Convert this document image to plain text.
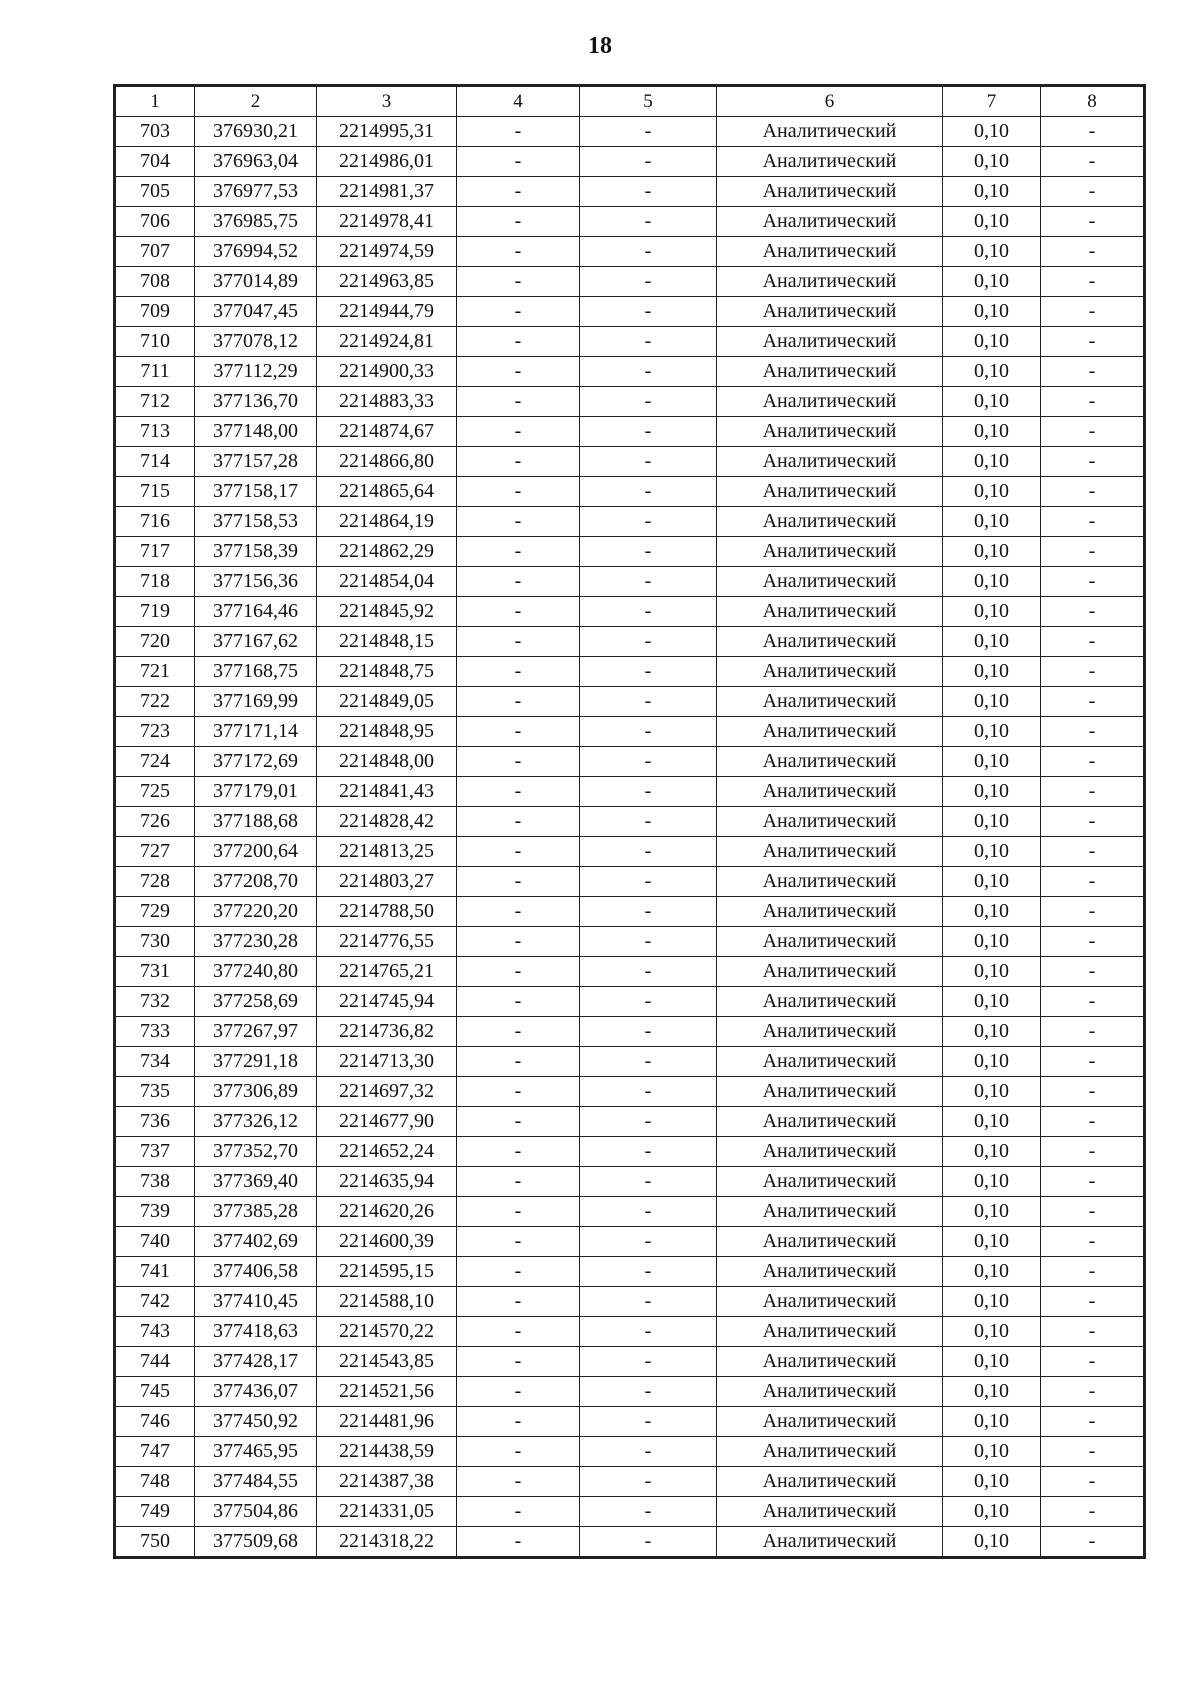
18
1	2	3	4	5	6	7	8
703	376930,21	2214995,31	-	-	Аналитический	0,10	-
704	376963,04	2214986,01	-	-	Аналитический	0,10	-
705	376977,53	2214981,37	-	-	Аналитический	0,10	-
706	376985,75	2214978,41	-	-	Аналитический	0,10	-
707	376994,52	2214974,59	-	-	Аналитический	0,10	-
708	377014,89	2214963,85	-	-	Аналитический	0,10	-
709	377047,45	2214944,79	-	-	Аналитический	0,10	-
710	377078,12	2214924,81	-	-	Аналитический	0,10	-
711	377112,29	2214900,33	-	-	Аналитический	0,10	-
712	377136,70	2214883,33	-	-	Аналитический	0,10	-
713	377148,00	2214874,67	-	-	Аналитический	0,10	-
714	377157,28	2214866,80	-	-	Аналитический	0,10	-
715	377158,17	2214865,64	-	-	Аналитический	0,10	-
716	377158,53	2214864,19	-	-	Аналитический	0,10	-
717	377158,39	2214862,29	-	-	Аналитический	0,10	-
718	377156,36	2214854,04	-	-	Аналитический	0,10	-
719	377164,46	2214845,92	-	-	Аналитический	0,10	-
720	377167,62	2214848,15	-	-	Аналитический	0,10	-
721	377168,75	2214848,75	-	-	Аналитический	0,10	-
722	377169,99	2214849,05	-	-	Аналитический	0,10	-
723	377171,14	2214848,95	-	-	Аналитический	0,10	-
724	377172,69	2214848,00	-	-	Аналитический	0,10	-
725	377179,01	2214841,43	-	-	Аналитический	0,10	-
726	377188,68	2214828,42	-	-	Аналитический	0,10	-
727	377200,64	2214813,25	-	-	Аналитический	0,10	-
728	377208,70	2214803,27	-	-	Аналитический	0,10	-
729	377220,20	2214788,50	-	-	Аналитический	0,10	-
730	377230,28	2214776,55	-	-	Аналитический	0,10	-
731	377240,80	2214765,21	-	-	Аналитический	0,10	-
732	377258,69	2214745,94	-	-	Аналитический	0,10	-
733	377267,97	2214736,82	-	-	Аналитический	0,10	-
734	377291,18	2214713,30	-	-	Аналитический	0,10	-
735	377306,89	2214697,32	-	-	Аналитический	0,10	-
736	377326,12	2214677,90	-	-	Аналитический	0,10	-
737	377352,70	2214652,24	-	-	Аналитический	0,10	-
738	377369,40	2214635,94	-	-	Аналитический	0,10	-
739	377385,28	2214620,26	-	-	Аналитический	0,10	-
740	377402,69	2214600,39	-	-	Аналитический	0,10	-
741	377406,58	2214595,15	-	-	Аналитический	0,10	-
742	377410,45	2214588,10	-	-	Аналитический	0,10	-
743	377418,63	2214570,22	-	-	Аналитический	0,10	-
744	377428,17	2214543,85	-	-	Аналитический	0,10	-
745	377436,07	2214521,56	-	-	Аналитический	0,10	-
746	377450,92	2214481,96	-	-	Аналитический	0,10	-
747	377465,95	2214438,59	-	-	Аналитический	0,10	-
748	377484,55	2214387,38	-	-	Аналитический	0,10	-
749	377504,86	2214331,05	-	-	Аналитический	0,10	-
750	377509,68	2214318,22	-	-	Аналитический	0,10	-
